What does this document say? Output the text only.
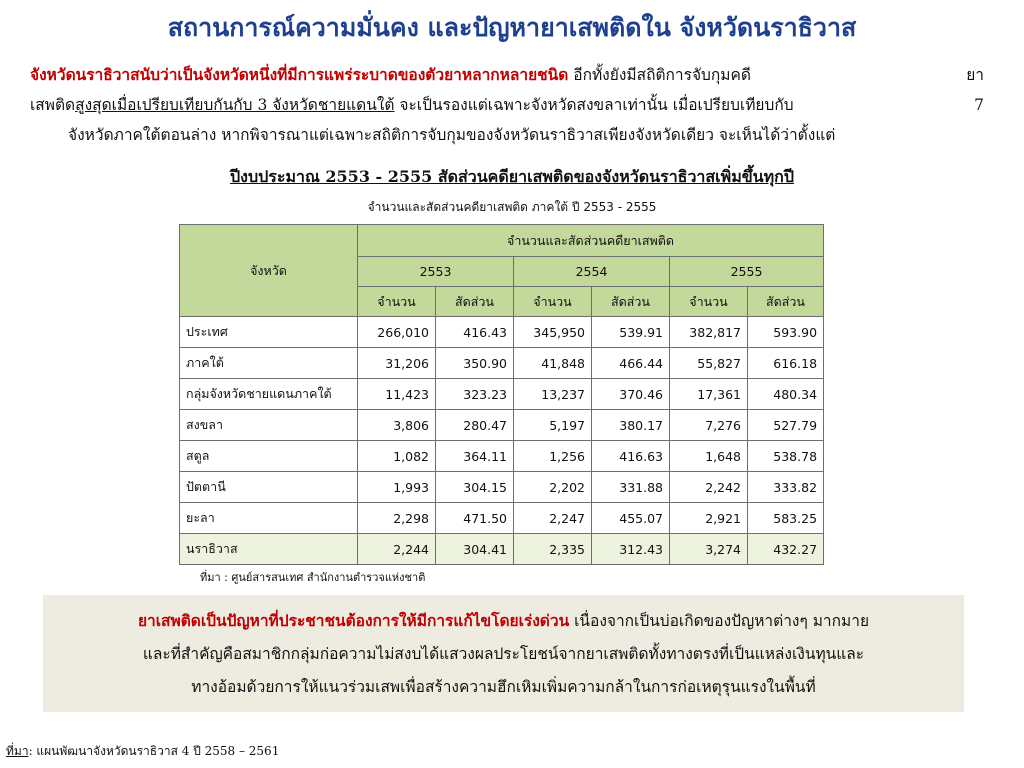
สถานการณ์ความมั่นคง และปัญหายาเสพติดใน จังหวัดนราธิวาส
จังหวัดนราธิวาสนับว่าเป็นจังหวัดหนึ่งที่มีการแพร่ระบาดของตัวยาหลากหลายชนิด อีกทั้งยังมีสถิติการจับกุมคดี	ยา
เสพติดสูงสุดเมื่อเปรียบเทียบกันกับ 3 จังหวัดชายแดนใต้ จะเป็นรองแต่เฉพาะจังหวัดสงขลาเท่านั้น เมื่อเปรียบเทียบกับ	7
จังหวัดภาคใต้ตอนล่าง หากพิจารณาแต่เฉพาะสถิติการจับกุมของจังหวัดนราธิวาสเพียงจังหวัดเดียว จะเห็นได้ว่าตั้งแต่
ปีงบประมาณ 2553 - 2555 สัดส่วนคดียาเสพติดของจังหวัดนราธิวาสเพิ่มขึ้นทุกปี
จำนวนและสัดส่วนคดียาเสพติด ภาคใต้ ปี 2553 - 2555
จังหวัด	จำนวนและสัดส่วนคดียาเสพติด					
	2553		2554		2555	
	จำนวน	สัดส่วน	จำนวน	สัดส่วน	จำนวน	สัดส่วน
ประเทศ	266,010	416.43	345,950	539.91	382,817	593.90
ภาคใต้	31,206	350.90	41,848	466.44	55,827	616.18
กลุ่มจังหวัดชายแดนภาคใต้	11,423	323.23	13,237	370.46	17,361	480.34
สงขลา	3,806	280.47	5,197	380.17	7,276	527.79
สตูล	1,082	364.11	1,256	416.63	1,648	538.78
ปัตตานี	1,993	304.15	2,202	331.88	2,242	333.82
ยะลา	2,298	471.50	2,247	455.07	2,921	583.25
นราธิวาส	2,244	304.41	2,335	312.43	3,274	432.27
ที่มา : ศูนย์สารสนเทศ สำนักงานตำรวจแห่งชาติ
ยาเสพติดเป็นปัญหาที่ประชาชนต้องการให้มีการแก้ไขโดยเร่งด่วน เนื่องจากเป็นบ่อเกิดของปัญหาต่างๆ มากมาย
และที่สำคัญคือสมาชิกกลุ่มก่อความไม่สงบได้แสวงผลประโยชน์จากยาเสพติดทั้งทางตรงที่เป็นแหล่งเงินทุนและ
ทางอ้อมด้วยการให้แนวร่วมเสพเพื่อสร้างความฮึกเหิมเพิ่มความกล้าในการก่อเหตุรุนแรงในพื้นที่
ที่มา: แผนพัฒนาจังหวัดนราธิวาส 4 ปี 2558 – 2561
